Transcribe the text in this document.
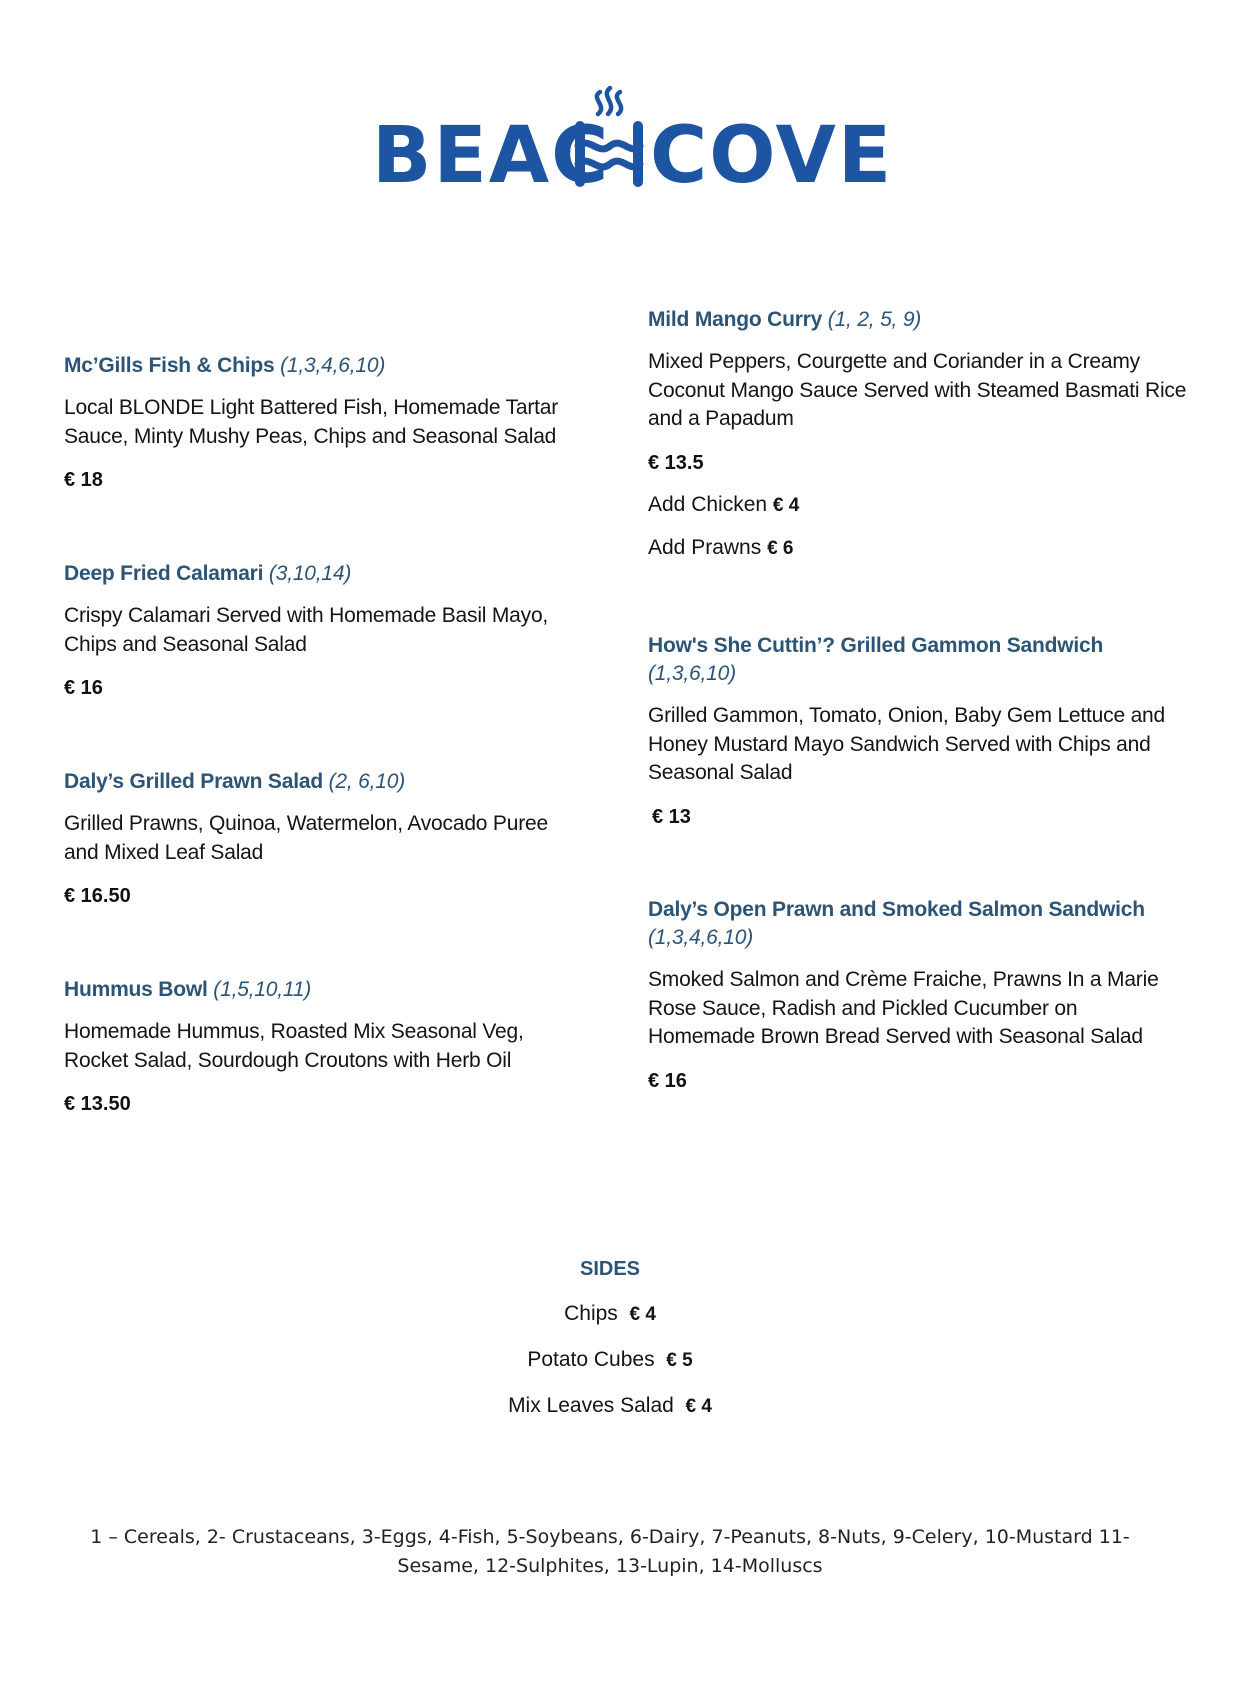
BEAC COVE

Mc’Gills Fish & Chips (1,3,4,6,10)

Local BLONDE Light Battered Fish, Homemade Tartar Sauce, Minty Mushy Peas, Chips and Seasonal Salad

€ 18

Deep Fried Calamari (3,10,14)

Crispy Calamari Served with Homemade Basil Mayo, Chips and Seasonal Salad

€ 16

Daly’s Grilled Prawn Salad (2, 6,10)

Grilled Prawns, Quinoa, Watermelon, Avocado Puree and Mixed Leaf Salad

€ 16.50

Hummus Bowl (1,5,10,11)

Homemade Hummus, Roasted Mix Seasonal Veg, Rocket Salad, Sourdough Croutons with Herb Oil

€ 13.50

Mild Mango Curry (1, 2, 5, 9)

Mixed Peppers, Courgette and Coriander in a Creamy Coconut Mango Sauce Served with Steamed Basmati Rice and a Papadum

€ 13.5

Add Chicken € 4

Add Prawns € 6

How's She Cuttin’? Grilled Gammon Sandwich
(1,3,6,10)

Grilled Gammon, Tomato, Onion, Baby Gem Lettuce and Honey Mustard Mayo Sandwich Served with Chips and Seasonal Salad

€ 13

Daly’s Open Prawn and Smoked Salmon Sandwich
(1,3,4,6,10)

Smoked Salmon and Crème Fraiche, Prawns In a Marie Rose Sauce, Radish and Pickled Cucumber on Homemade Brown Bread Served with Seasonal Salad

€ 16

SIDES

Chips € 4

Potato Cubes € 5

Mix Leaves Salad € 4

1 – Cereals, 2- Crustaceans, 3-Eggs, 4-Fish, 5-Soybeans, 6-Dairy, 7-Peanuts, 8-Nuts, 9-Celery, 10-Mustard 11-
Sesame, 12-Sulphites, 13-Lupin, 14-Molluscs
